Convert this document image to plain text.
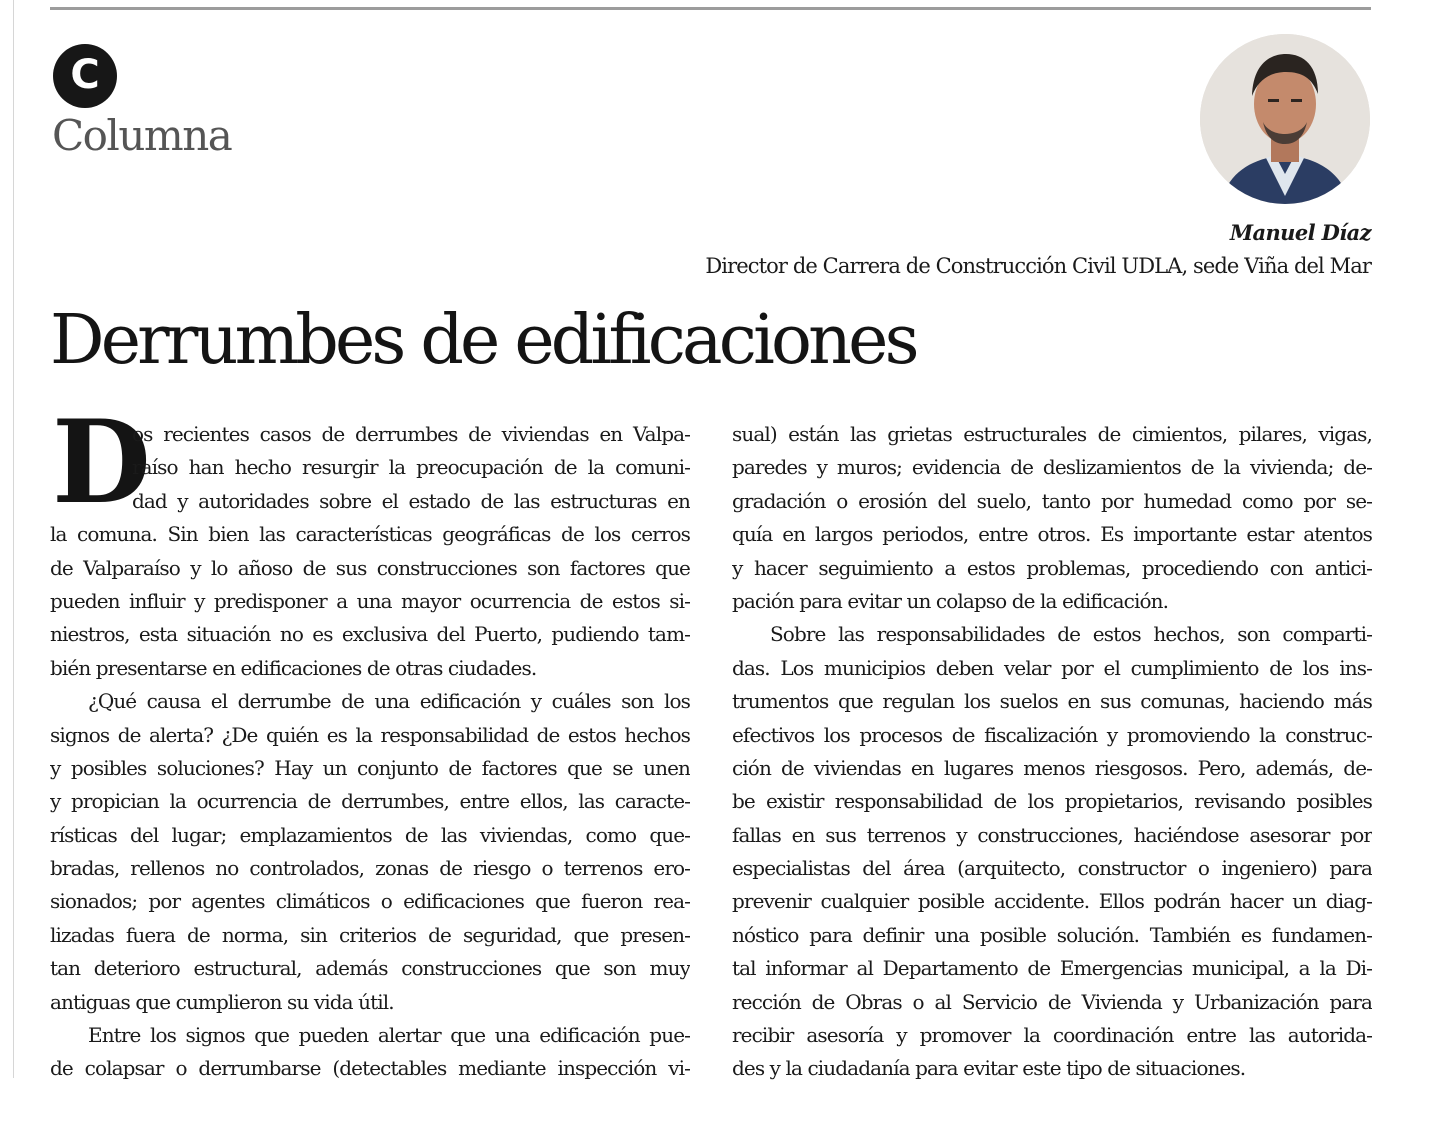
C
Columna
Manuel Díaz
Director de Carrera de Construcción Civil UDLA, sede Viña del Mar
Derrumbes de edificaciones
D
os recientes casos de derrumbes de viviendas en Valpa-
raíso han hecho resurgir la preocupación de la comuni-
dad y autoridades sobre el estado de las estructuras en
la comuna. Sin bien las características geográficas de los cerros
de Valparaíso y lo añoso de sus construcciones son factores que
pueden influir y predisponer a una mayor ocurrencia de estos si-
niestros, esta situación no es exclusiva del Puerto, pudiendo tam-
bién presentarse en edificaciones de otras ciudades.
¿Qué causa el derrumbe de una edificación y cuáles son los
signos de alerta? ¿De quién es la responsabilidad de estos hechos
y posibles soluciones? Hay un conjunto de factores que se unen
y propician la ocurrencia de derrumbes, entre ellos, las caracte-
rísticas del lugar; emplazamientos de las viviendas, como que-
bradas, rellenos no controlados, zonas de riesgo o terrenos ero-
sionados; por agentes climáticos o edificaciones que fueron rea-
lizadas fuera de norma, sin criterios de seguridad, que presen-
tan deterioro estructural, además construcciones que son muy
antiguas que cumplieron su vida útil.
Entre los signos que pueden alertar que una edificación pue-
de colapsar o derrumbarse (detectables mediante inspección vi-
sual) están las grietas estructurales de cimientos, pilares, vigas,
paredes y muros; evidencia de deslizamientos de la vivienda; de-
gradación o erosión del suelo, tanto por humedad como por se-
quía en largos periodos, entre otros. Es importante estar atentos
y hacer seguimiento a estos problemas, procediendo con antici-
pación para evitar un colapso de la edificación.
Sobre las responsabilidades de estos hechos, son comparti-
das. Los municipios deben velar por el cumplimiento de los ins-
trumentos que regulan los suelos en sus comunas, haciendo más
efectivos los procesos de fiscalización y promoviendo la construc-
ción de viviendas en lugares menos riesgosos. Pero, además, de-
be existir responsabilidad de los propietarios, revisando posibles
fallas en sus terrenos y construcciones, haciéndose asesorar por
especialistas del área (arquitecto, constructor o ingeniero) para
prevenir cualquier posible accidente. Ellos podrán hacer un diag-
nóstico para definir una posible solución. También es fundamen-
tal informar al Departamento de Emergencias municipal, a la Di-
rección de Obras o al Servicio de Vivienda y Urbanización para
recibir asesoría y promover la coordinación entre las autorida-
des y la ciudadanía para evitar este tipo de situaciones.
